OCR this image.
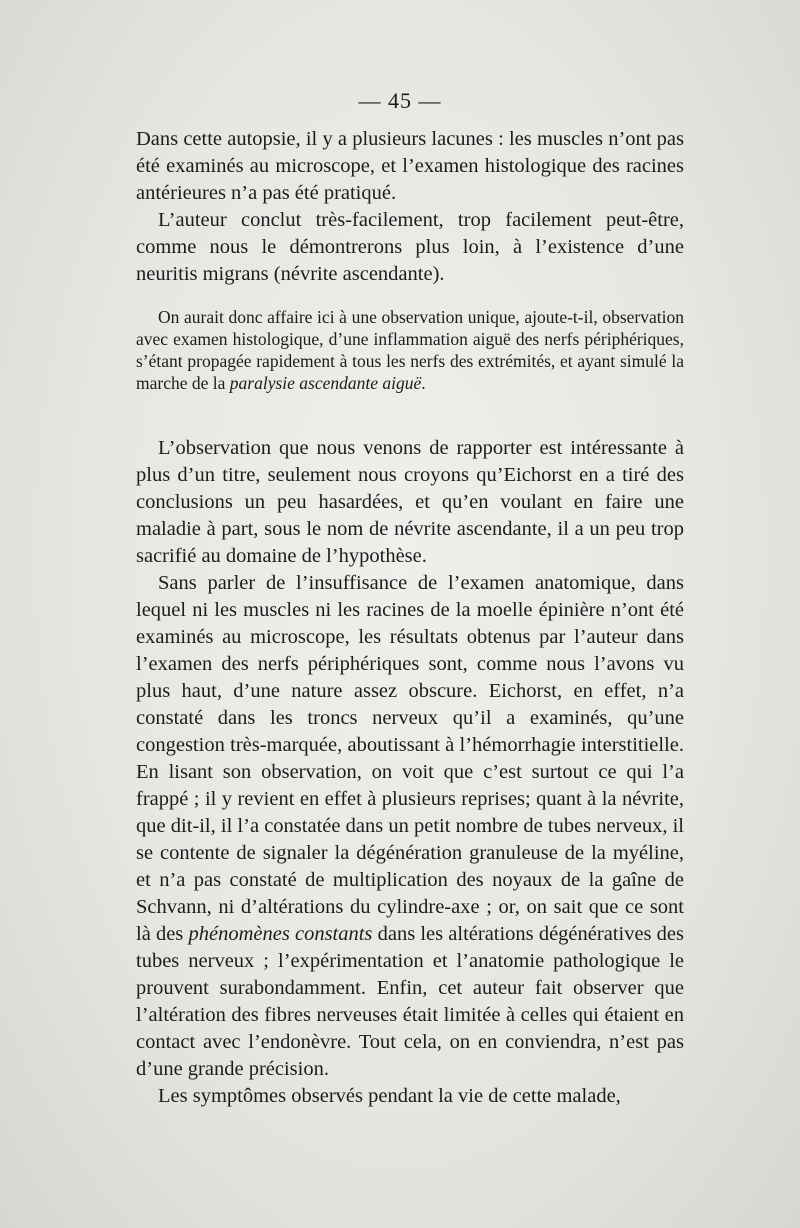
— 45 —

Dans cette autopsie, il y a plusieurs lacunes : les muscles n’ont pas été examinés au microscope, et l’examen histologique des racines antérieures n’a pas été pratiqué.

L’auteur conclut très-facilement, trop facilement peut-être, comme nous le démontrerons plus loin, à l’existence d’une neuritis migrans (névrite ascendante).

On aurait donc affaire ici à une observation unique, ajoute-t-il, observation avec examen histologique, d’une inflammation aiguë des nerfs périphériques, s’étant propagée rapidement à tous les nerfs des extrémités, et ayant simulé la marche de la paralysie ascendante aiguë.

L’observation que nous venons de rapporter est intéressante à plus d’un titre, seulement nous croyons qu’Eichorst en a tiré des conclusions un peu hasardées, et qu’en voulant en faire une maladie à part, sous le nom de névrite ascendante, il a un peu trop sacrifié au domaine de l’hypothèse.

Sans parler de l’insuffisance de l’examen anatomique, dans lequel ni les muscles ni les racines de la moelle épinière n’ont été examinés au microscope, les résultats obtenus par l’auteur dans l’examen des nerfs périphériques sont, comme nous l’avons vu plus haut, d’une nature assez obscure. Eichorst, en effet, n’a constaté dans les troncs nerveux qu’il a examinés, qu’une congestion très-marquée, aboutissant à l’hémorrhagie interstitielle. En lisant son observation, on voit que c’est surtout ce qui l’a frappé ; il y revient en effet à plusieurs reprises; quant à la névrite, que dit-il, il l’a constatée dans un petit nombre de tubes nerveux, il se contente de signaler la dégénération granuleuse de la myéline, et n’a pas constaté de multiplication des noyaux de la gaîne de Schvann, ni d’altérations du cylindre-axe ; or, on sait que ce sont là des phénomènes constants dans les altérations dégénératives des tubes nerveux ; l’expérimentation et l’anatomie pathologique le prouvent surabondamment. Enfin, cet auteur fait observer que l’altération des fibres nerveuses était limitée à celles qui étaient en contact avec l’endonèvre. Tout cela, on en conviendra, n’est pas d’une grande précision.

Les symptômes observés pendant la vie de cette malade,
